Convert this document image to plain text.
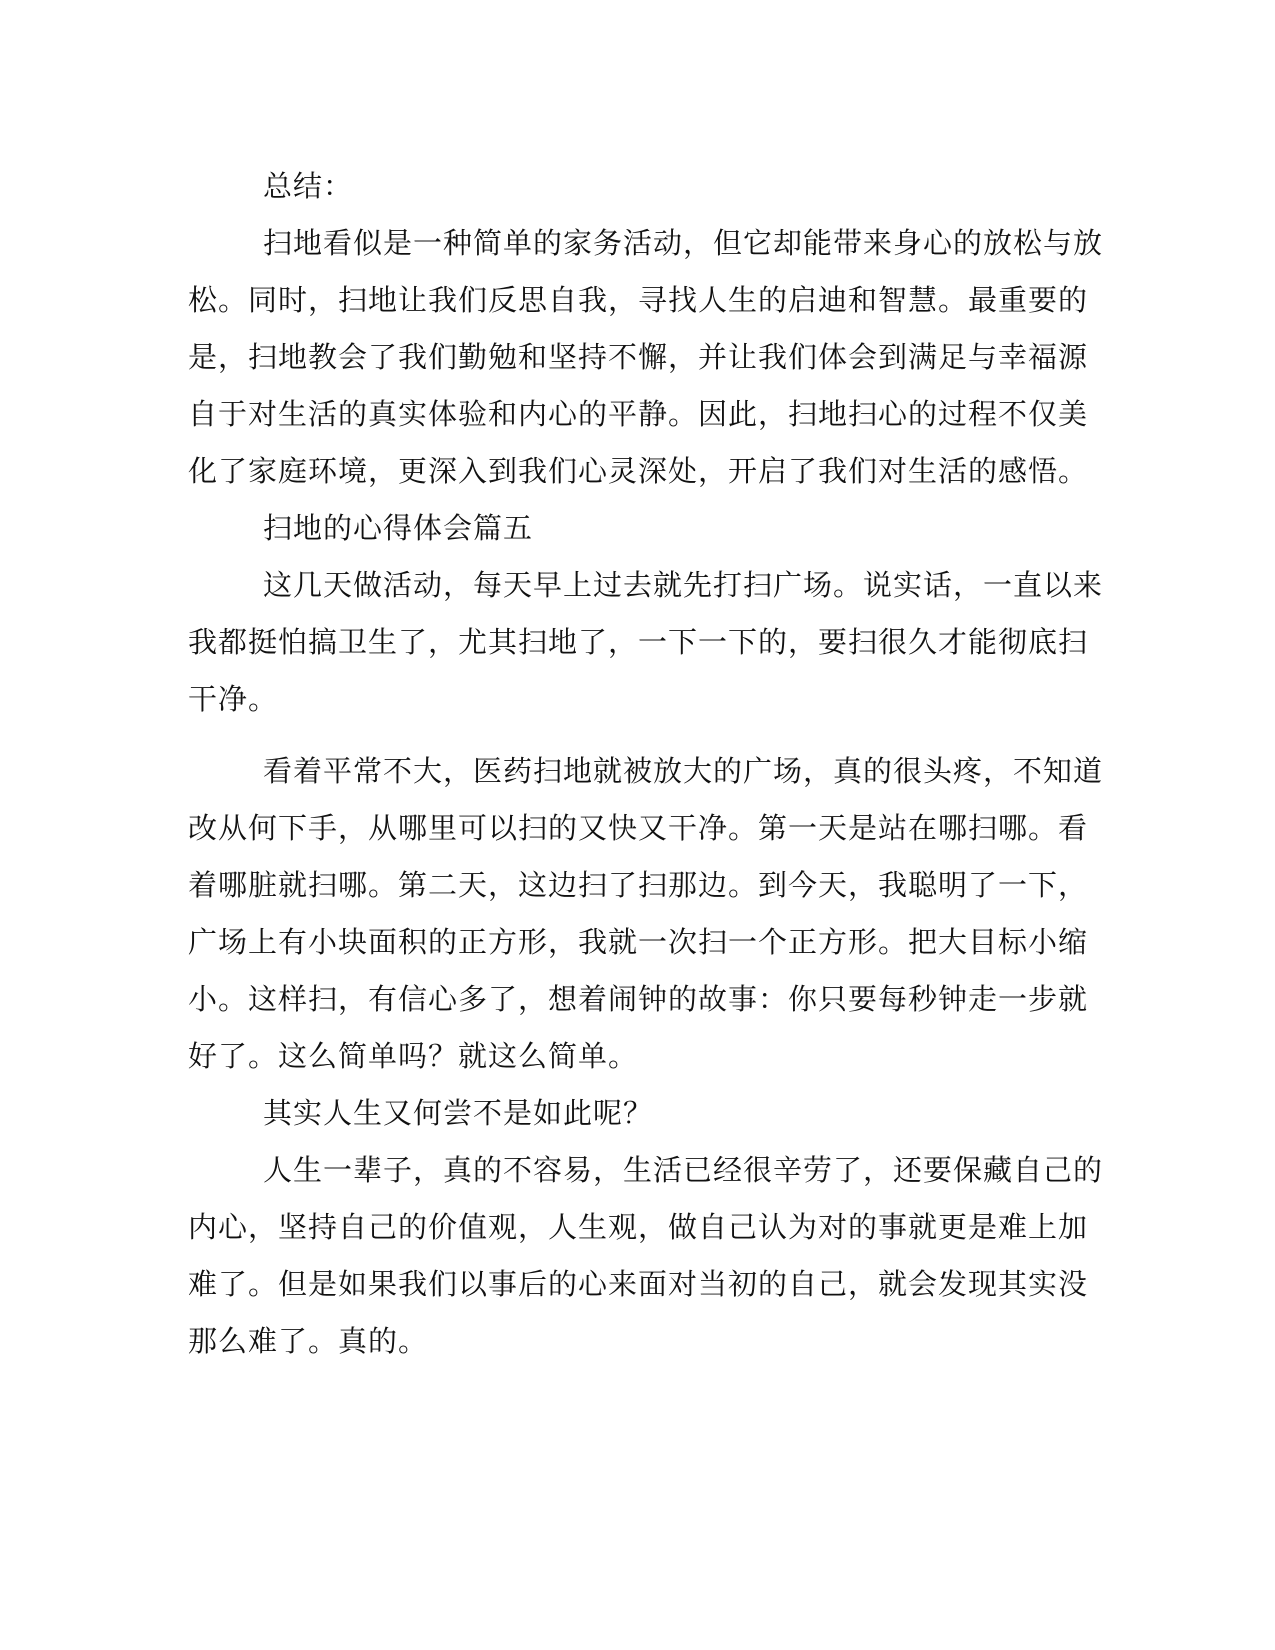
总结：
扫地看似是一种简单的家务活动，但它却能带来身心的放松与放
松。同时，扫地让我们反思自我，寻找人生的启迪和智慧。最重要的
是，扫地教会了我们勤勉和坚持不懈，并让我们体会到满足与幸福源
自于对生活的真实体验和内心的平静。因此，扫地扫心的过程不仅美
化了家庭环境，更深入到我们心灵深处，开启了我们对生活的感悟。
扫地的心得体会篇五
这几天做活动，每天早上过去就先打扫广场。说实话，一直以来
我都挺怕搞卫生了，尤其扫地了，一下一下的，要扫很久才能彻底扫
干净。
看着平常不大，医药扫地就被放大的广场，真的很头疼，不知道
改从何下手，从哪里可以扫的又快又干净。第一天是站在哪扫哪。看
着哪脏就扫哪。第二天，这边扫了扫那边。到今天，我聪明了一下，
广场上有小块面积的正方形，我就一次扫一个正方形。把大目标小缩
小。这样扫，有信心多了，想着闹钟的故事：你只要每秒钟走一步就
好了。这么简单吗？就这么简单。
其实人生又何尝不是如此呢？
人生一辈子，真的不容易，生活已经很辛劳了，还要保藏自己的
内心，坚持自己的价值观，人生观，做自己认为对的事就更是难上加
难了。但是如果我们以事后的心来面对当初的自己，就会发现其实没
那么难了。真的。
